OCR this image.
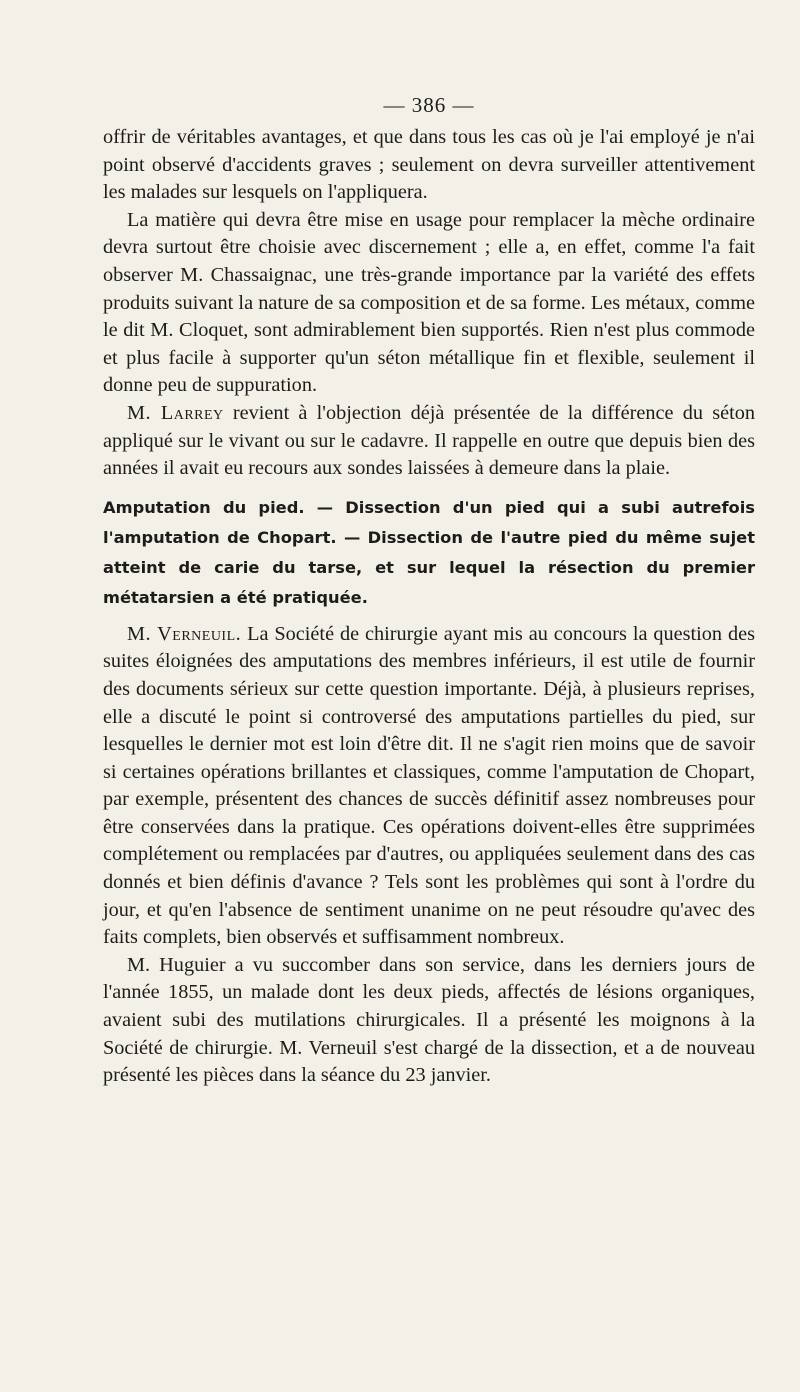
— 386 —

offrir de véritables avantages, et que dans tous les cas où je l'ai employé je n'ai point observé d'accidents graves ; seulement on devra surveiller attentivement les malades sur lesquels on l'appliquera.

La matière qui devra être mise en usage pour remplacer la mèche ordinaire devra surtout être choisie avec discernement ; elle a, en effet, comme l'a fait observer M. Chassaignac, une très-grande importance par la variété des effets produits suivant la nature de sa composition et de sa forme. Les métaux, comme le dit M. Cloquet, sont admirablement bien supportés. Rien n'est plus commode et plus facile à supporter qu'un séton métallique fin et flexible, seulement il donne peu de suppuration.

M. Larrey revient à l'objection déjà présentée de la différence du séton appliqué sur le vivant ou sur le cadavre. Il rappelle en outre que depuis bien des années il avait eu recours aux sondes laissées à demeure dans la plaie.

Amputation du pied. — Dissection d'un pied qui a subi autrefois l'amputation de Chopart. — Dissection de l'autre pied du même sujet atteint de carie du tarse, et sur lequel la résection du premier métatarsien a été pratiquée.

M. Verneuil. La Société de chirurgie ayant mis au concours la question des suites éloignées des amputations des membres inférieurs, il est utile de fournir des documents sérieux sur cette question importante. Déjà, à plusieurs reprises, elle a discuté le point si controversé des amputations partielles du pied, sur lesquelles le dernier mot est loin d'être dit. Il ne s'agit rien moins que de savoir si certaines opérations brillantes et classiques, comme l'amputation de Chopart, par exemple, présentent des chances de succès définitif assez nombreuses pour être conservées dans la pratique. Ces opérations doivent-elles être supprimées complétement ou remplacées par d'autres, ou appliquées seulement dans des cas donnés et bien définis d'avance ? Tels sont les problèmes qui sont à l'ordre du jour, et qu'en l'absence de sentiment unanime on ne peut résoudre qu'avec des faits complets, bien observés et suffisamment nombreux.

M. Huguier a vu succomber dans son service, dans les derniers jours de l'année 1855, un malade dont les deux pieds, affectés de lésions organiques, avaient subi des mutilations chirurgicales. Il a présenté les moignons à la Société de chirurgie. M. Verneuil s'est chargé de la dissection, et a de nouveau présenté les pièces dans la séance du 23 janvier.
